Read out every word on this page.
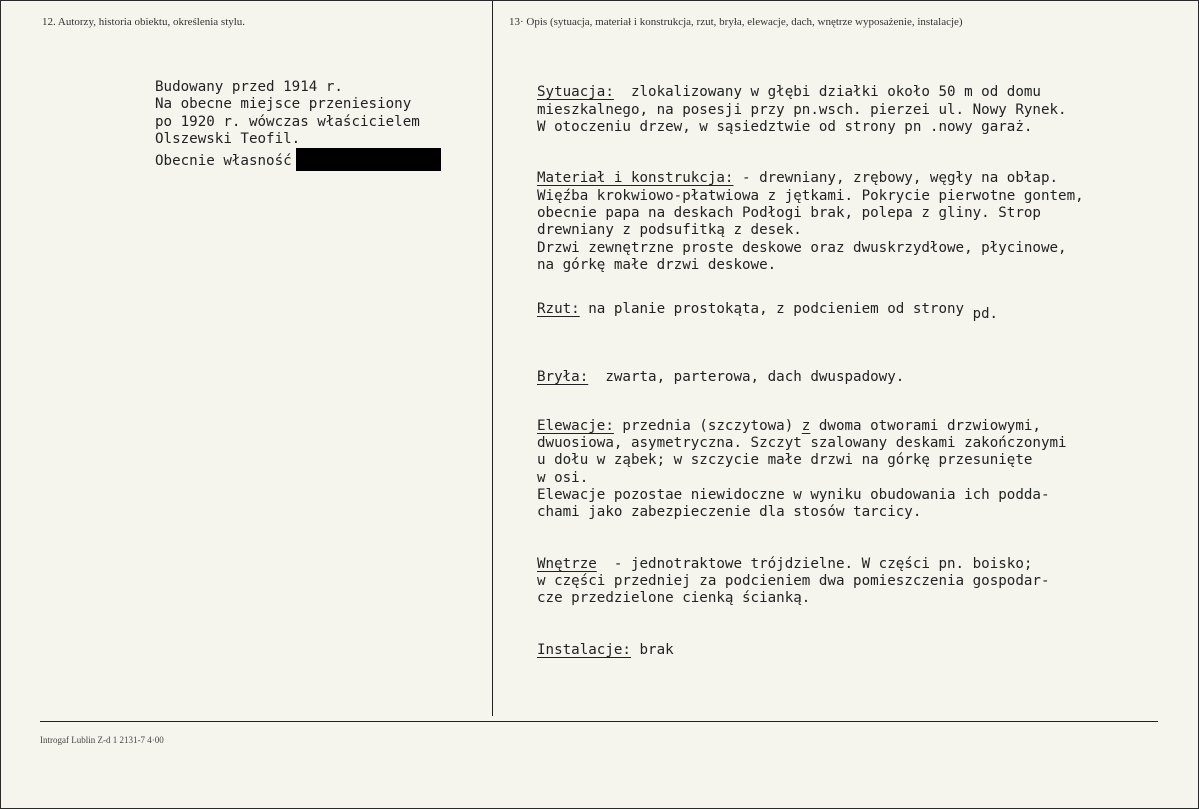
12. Autorzy, historia obiektu, określenia stylu.	13· Opis (sytuacja, materiał i konstrukcja, rzut, bryła, elewacje, dach, wnętrze wyposażenie, instalacje)
Introgaf Lublin Z-d 1 2131-7 4·00
Budowany przed 1914 r.
Na obecne miejsce przeniesiony
po 1920 r. wówczas właścicielem
Olszewski Teofil.
Obecnie własność

Sytuacja:  zlokalizowany w głębi działki około 50 m od domu
mieszkalnego, na posesji przy pn.wsch. pierzei ul. Nowy Rynek.
W otoczeniu drzew, w sąsiedztwie od strony pn .nowy garaż.

Materiał i konstrukcja: - drewniany, zrębowy, węgły na obłap.
Więźba krokwiowo-płatwiowa z jętkami. Pokrycie pierwotne gontem,
obecnie papa na deskach Podłogi brak, polepa z gliny. Strop
drewniany z podsufitką z desek.
Drzwi zewnętrzne proste deskowe oraz dwuskrzydłowe, płycinowe,
na górkę małe drzwi deskowe.

Rzut: na planie prostokąta, z podcieniem od strony pd.

Bryła:  zwarta, parterowa, dach dwuspadowy.

Elewacje: przednia (szczytowa) z dwoma otworami drzwiowymi,
dwuosiowa, asymetryczna. Szczyt szalowany deskami zakończonymi
u dołu w ząbek; w szczycie małe drzwi na górkę przesunięte
w osi.
Elewacje pozostae niewidoczne w wyniku obudowania ich podda-
chami jako zabezpieczenie dla stosów tarcicy.

Wnętrze  - jednotraktowe trójdzielne. W części pn. boisko;
w części przedniej za podcieniem dwa pomieszczenia gospodar-
cze przedzielone cienką ścianką.

Instalacje: brak
